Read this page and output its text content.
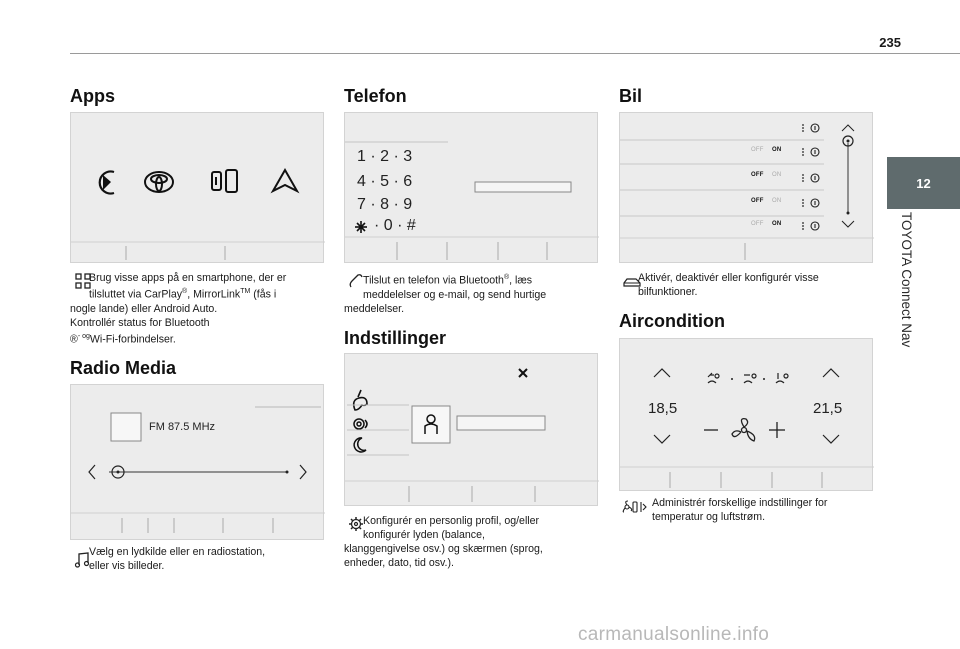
235
12
TOYOTA Connect Nav
Apps
Brug visse apps på en smartphone, der er
tilsluttet via CarPlay®, MirrorLink™ (fås i
nogle lande) eller Android Auto.
Kontrollér status for Bluetooth
®$^{- og}$Wi-Fi-forbindelser.
Radio Media
FM 87.5 MHz
Vælg en lydkilde eller en radiostation,
eller vis billeder.
Telefon
1 · 2 · 3
4 · 5 · 6
7 · 8 · 9
· 0 · #
Tilslut en telefon via Bluetooth®, læs
meddelelser og e-mail, og send hurtige
meddelelser.
Indstillinger
Konfigurér en personlig profil, og/eller
konfigurér lyden (balance,
klanggengivelse osv.) og skærmen (sprog,
enheder, dato, tid osv.).
Bil
OFF ON
OFF ON
OFF ON
OFF ON
Aktivér, deaktivér eller konfigurér visse
bilfunktioner.
Aircondition
18,5	21,5
Administrér forskellige indstillinger for
temperatur og luftstrøm.
carmanualsonline.info
